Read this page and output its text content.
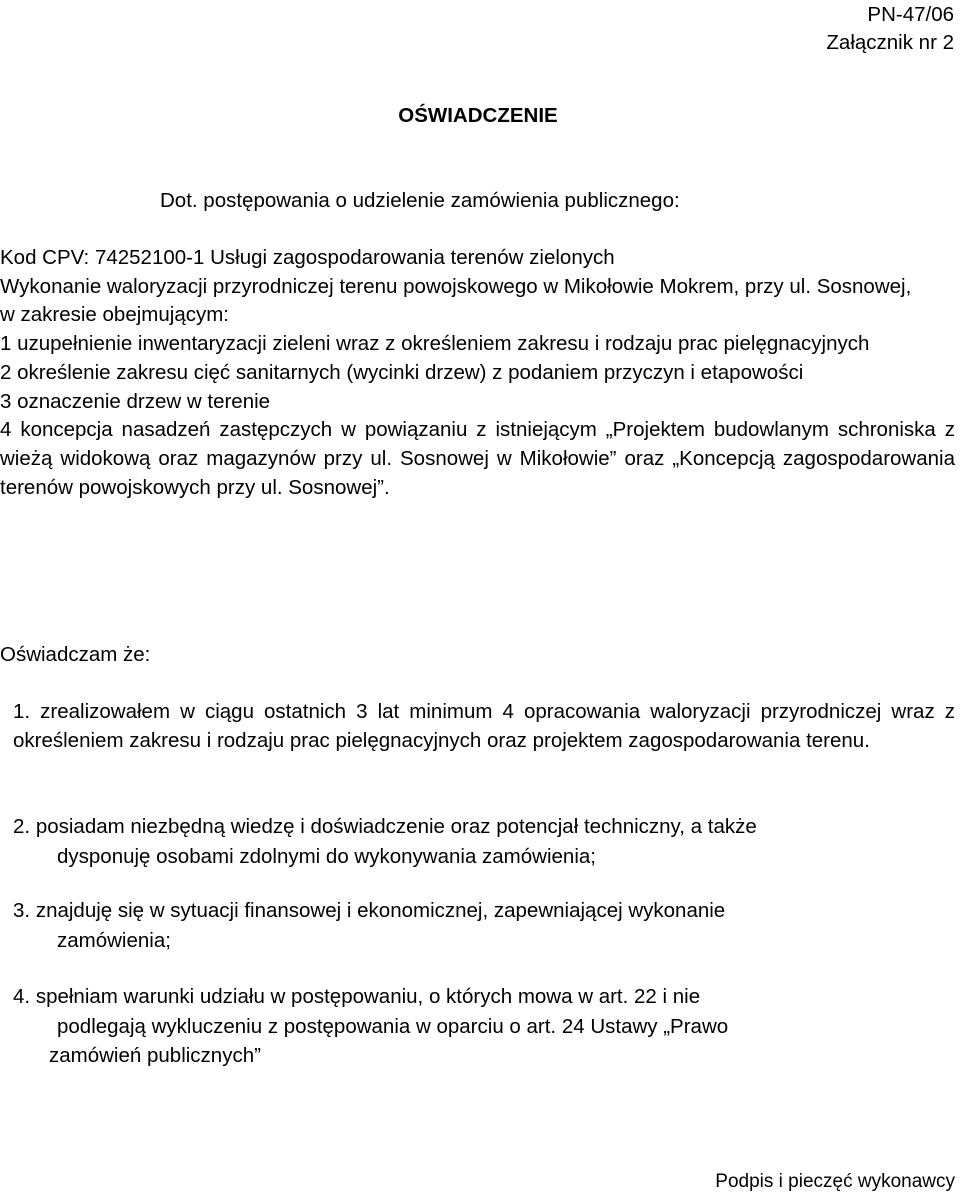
PN-47/06
Załącznik nr 2
OŚWIADCZENIE
Dot. postępowania o udzielenie zamówienia publicznego:

Kod CPV: 74252100-1 Usługi zagospodarowania terenów zielonych

Wykonanie waloryzacji przyrodniczej terenu powojskowego w Mikołowie Mokrem, przy ul. Sosnowej,

w zakresie obejmującym:

1 uzupełnienie inwentaryzacji zieleni wraz z określeniem zakresu i rodzaju prac pielęgnacyjnych

2 określenie zakresu cięć sanitarnych (wycinki drzew) z podaniem przyczyn i etapowości

3 oznaczenie drzew w terenie

4 koncepcja nasadzeń zastępczych w powiązaniu z istniejącym „Projektem budowlanym schroniska z wieżą widokową oraz magazynów przy ul. Sosnowej w Mikołowie” oraz „Koncepcją zagospodarowania terenów powojskowych przy ul. Sosnowej”.

Oświadczam że:
1. zrealizowałem w ciągu ostatnich 3 lat minimum 4 opracowania waloryzacji przyrodniczej wraz z określeniem zakresu i rodzaju prac pielęgnacyjnych oraz projektem zagospodarowania terenu.
2. posiadam niezbędną wiedzę i doświadczenie oraz potencjał techniczny, a także
dysponuję osobami zdolnymi do wykonywania zamówienia;
3. znajduję się w sytuacji finansowej i ekonomicznej, zapewniającej wykonanie
zamówienia;
4. spełniam warunki udziału w postępowaniu, o których mowa w art. 22 i nie
podlegają wykluczeniu z postępowania w oparciu o art. 24 Ustawy „Prawo
zamówień publicznych”
Podpis i pieczęć wykonawcy
